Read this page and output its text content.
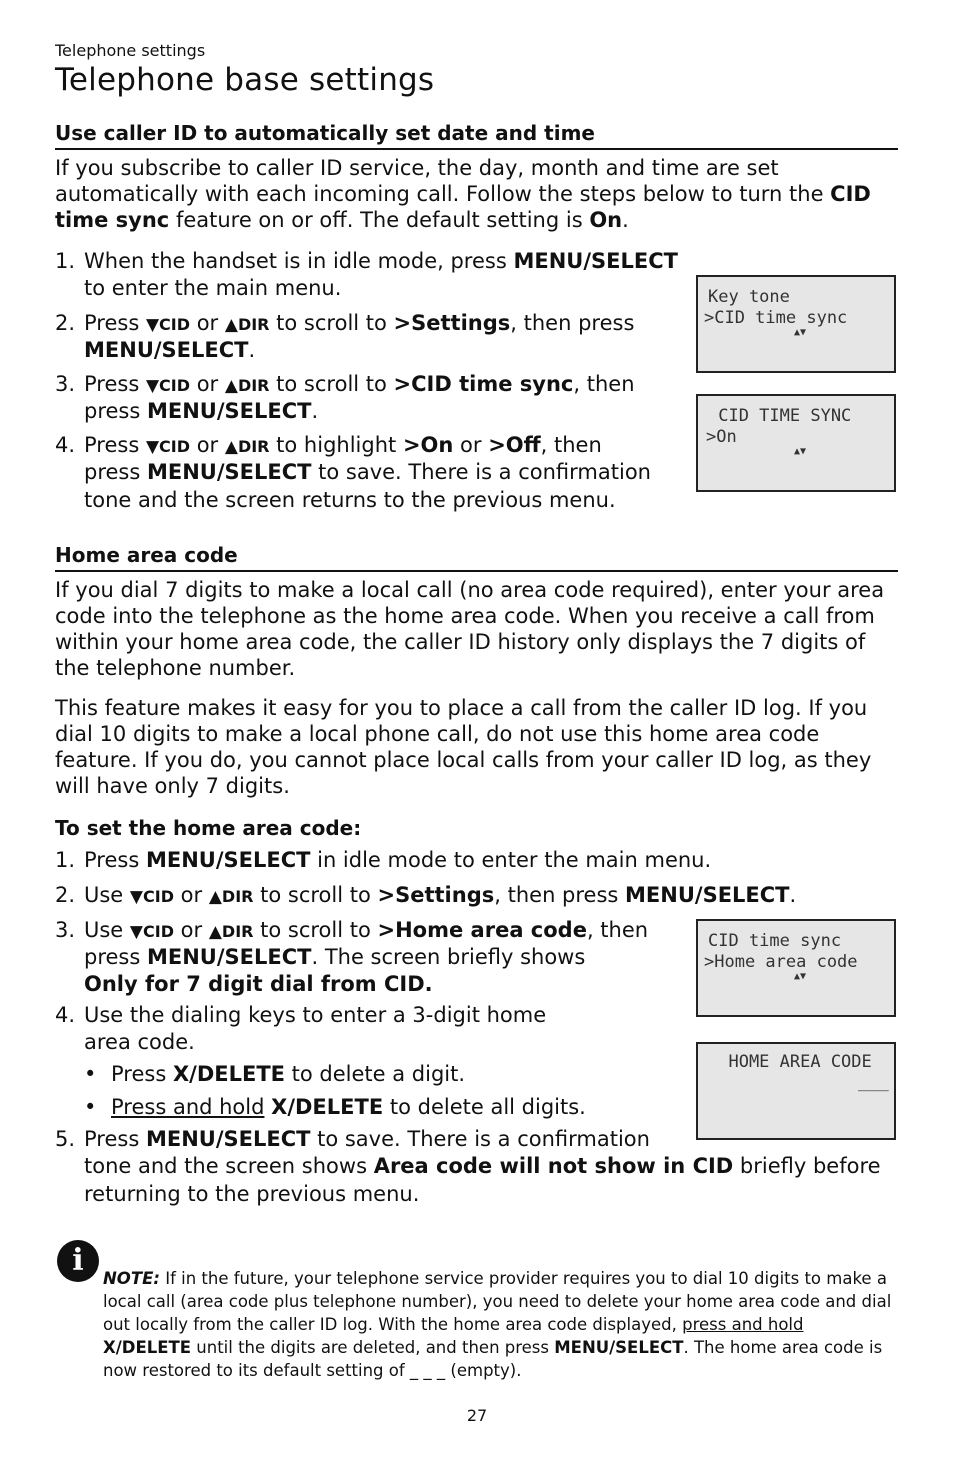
Telephone settings
Telephone base settings
Use caller ID to automatically set date and time
If you subscribe to caller ID service, the day, month and time are set automatically with each incoming call. Follow the steps below to turn the CID time sync feature on or off. The default setting is On.
1. When the handset is in idle mode, press MENU/SELECT
to enter the main menu.
2. Press ▼CID or ▲DIR to scroll to >Settings, then press
MENU/SELECT.
3. Press ▼CID or ▲DIR to scroll to >CID time sync, then
press MENU/SELECT.
4. Press ▼CID or ▲DIR to highlight >On or >Off, then
press MENU/SELECT to save. There is a confirmation
tone and the screen returns to the previous menu.
Key tone
>CID time sync
▲▼
CID TIME SYNC
>On
▲▼
Home area code
If you dial 7 digits to make a local call (no area code required), enter your area code into the telephone as the home area code. When you receive a call from within your home area code, the caller ID history only displays the 7 digits of the telephone number.
This feature makes it easy for you to place a call from the caller ID log. If you dial 10 digits to make a local phone call, do not use this home area code feature. If you do, you cannot place local calls from your caller ID log, as they will have only 7 digits.
To set the home area code:
1. Press MENU/SELECT in idle mode to enter the main menu.
2. Use ▼CID or ▲DIR to scroll to >Settings, then press MENU/SELECT.
3. Use ▼CID or ▲DIR to scroll to >Home area code, then
press MENU/SELECT. The screen briefly shows
Only for 7 digit dial from CID.
4. Use the dialing keys to enter a 3-digit home
area code.
• Press X/DELETE to delete a digit.
• Press and hold X/DELETE to delete all digits.
5. Press MENU/SELECT to save. There is a confirmation
tone and the screen shows Area code will not show in CID briefly before
returning to the previous menu.
CID time sync
>Home area code
▲▼
HOME AREA CODE
___
i
NOTE: If in the future, your telephone service provider requires you to dial 10 digits to make a local call (area code plus telephone number), you need to delete your home area code and dial out locally from the caller ID log. With the home area code displayed, press and hold X/DELETE until the digits are deleted, and then press MENU/SELECT. The home area code is now restored to its default setting of _ _ _ (empty).
27
